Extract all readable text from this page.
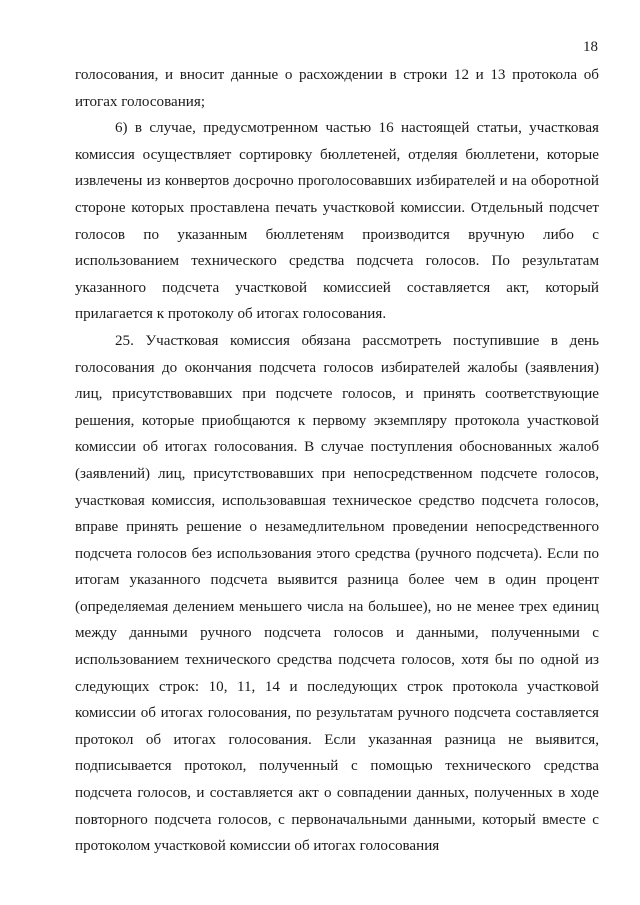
18

голосования, и вносит данные о расхождении в строки 12 и 13 протокола об итогах голосования;

6) в случае, предусмотренном частью 16 настоящей статьи, участковая комиссия осуществляет сортировку бюллетеней, отделяя бюллетени, которые извлечены из конвертов досрочно проголосовавших избирателей и на оборотной стороне которых проставлена печать участковой комиссии. Отдельный подсчет голосов по указанным бюллетеням производится вручную либо с использованием технического средства подсчета голосов. По результатам указанного подсчета участковой комиссией составляется акт, который прилагается к протоколу об итогах голосования.

25. Участковая комиссия обязана рассмотреть поступившие в день голосования до окончания подсчета голосов избирателей жалобы (заявления) лиц, присутствовавших при подсчете голосов, и принять соответствующие решения, которые приобщаются к первому экземпляру протокола участковой комиссии об итогах голосования. В случае поступления обоснованных жалоб (заявлений) лиц, присутствовавших при непосредственном подсчете голосов, участковая комиссия, использовавшая техническое средство подсчета голосов, вправе принять решение о незамедлительном проведении непосредственного подсчета голосов без использования этого средства (ручного подсчета). Если по итогам указанного подсчета выявится разница более чем в один процент (определяемая делением меньшего числа на большее), но не менее трех единиц между данными ручного подсчета голосов и данными, полученными с использованием технического средства подсчета голосов, хотя бы по одной из следующих строк: 10, 11, 14 и последующих строк протокола участковой комиссии об итогах голосования, по результатам ручного подсчета составляется протокол об итогах голосования. Если указанная разница не выявится, подписывается протокол, полученный с помощью технического средства подсчета голосов, и составляется акт о совпадении данных, полученных в ходе повторного подсчета голосов, с первоначальными данными, который вместе с протоколом участковой комиссии об итогах голосования
